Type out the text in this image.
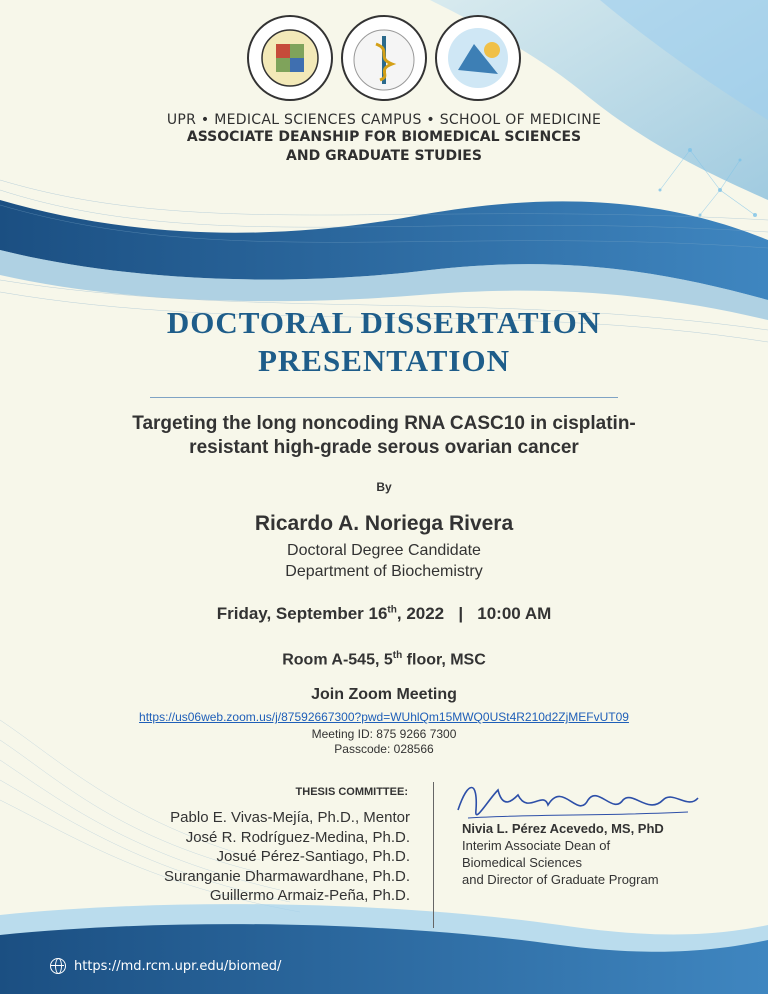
UPR • MEDICAL SCIENCES CAMPUS • SCHOOL OF MEDICINE
ASSOCIATE DEANSHIP FOR BIOMEDICAL SCIENCES
AND GRADUATE STUDIES
DOCTORAL DISSERTATION
PRESENTATION
Targeting the long noncoding RNA CASC10 in cisplatin-
resistant high-grade serous ovarian cancer
By
Ricardo A. Noriega Rivera
Doctoral Degree Candidate
Department of Biochemistry
Friday, September 16th, 2022 | 10:00 AM
Room A-545, 5th floor, MSC
Join Zoom Meeting
https://us06web.zoom.us/j/87592667300?pwd=WUhlQm15MWQ0USt4R210d2ZjMEFvUT09
Meeting ID: 875 9266 7300
Passcode: 028566
THESIS COMMITTEE:
Pablo E. Vivas-Mejía, Ph.D., Mentor
José R. Rodríguez-Medina, Ph.D.
Josué Pérez-Santiago, Ph.D.
Suranganie Dharmawardhane, Ph.D.
Guillermo Armaiz-Peña, Ph.D.
Nivia L. Pérez Acevedo, MS, PhD
Interim Associate Dean of
Biomedical Sciences
and Director of Graduate Program
https://md.rcm.upr.edu/biomed/
